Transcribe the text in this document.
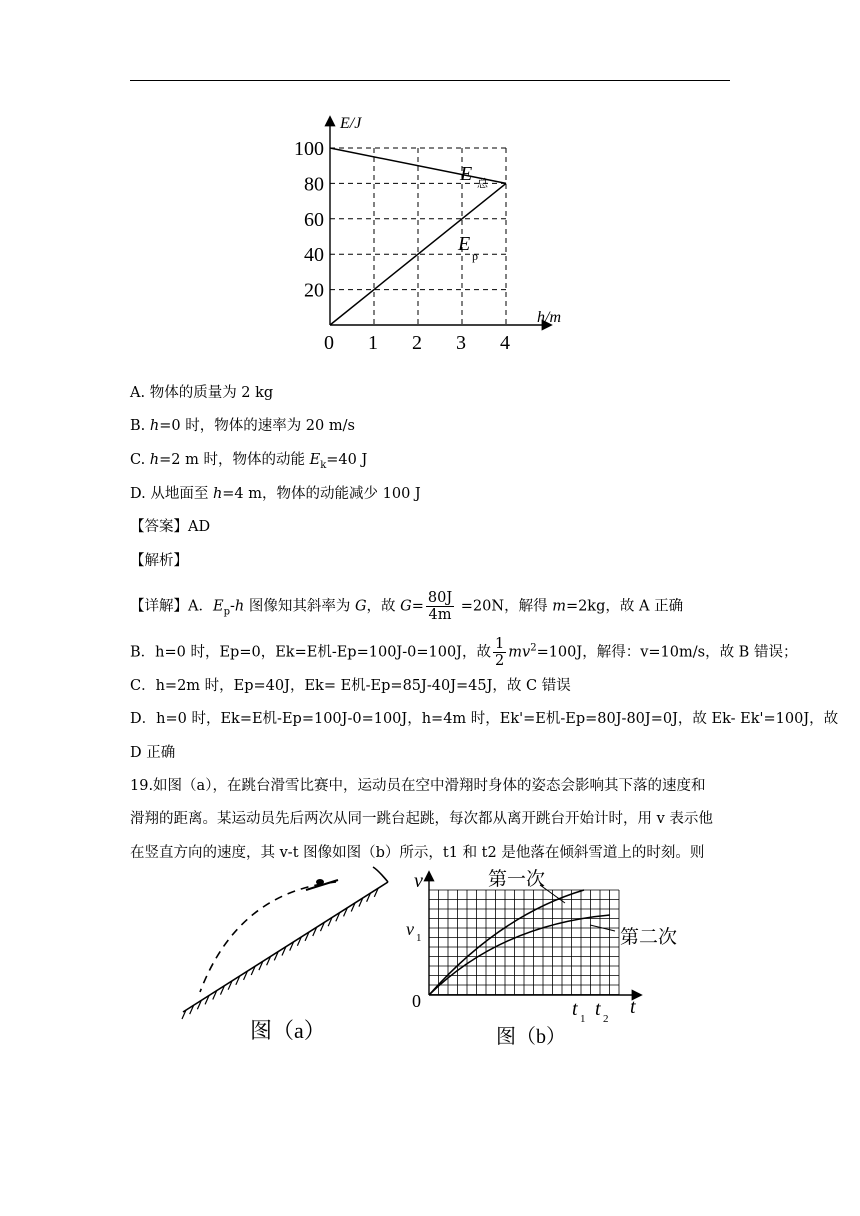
0 1 2 3 4
20
40
60
80
100
E/J
h/m
E 总
E
p
A. 物体的质量为 2 kg
B. h=0 时，物体的速率为 20 m/s
C. h=2 m 时，物体的动能 $E_k=40$ J
D. 从地面至 h=4 m，物体的动能减少 100 J
【答案】AD
【解析】
【详解】A．$E_p-h$ 图像知其斜率为 G，故 $G= \frac{80J}{4m} =20N$，解得 m=2kg，故 A 正确
B．h=0 时，Ep=0，Ek=E机-Ep=100J-0=100J，故 $\frac{1}{2} mv^2=100J$，解得：v=10m/s，故 B 错误；
C．h=2m 时，Ep=40J，Ek= E机-Ep=85J-40J=45J，故 C 错误
D．h=0 时，Ek=E机-Ep=100J-0=100J，h=4m 时，Ek'=E机-Ep=80J-80J=0J，故 Ek- Ek'=100J，故
D 正确
19.如图（a），在跳台滑雪比赛中，运动员在空中滑翔时身体的姿态会影响其下落的速度和
滑翔的距离。某运动员先后两次从同一跳台起跳，每次都从离开跳台开始计时，用 v 表示他
在竖直方向的速度，其 v-t 图像如图（b）所示，t1 和 t2 是他落在倾斜雪道上的时刻。则
图（a）
v
t
0
v 1
t 1 t 2
第一次
第二次
图（b）
